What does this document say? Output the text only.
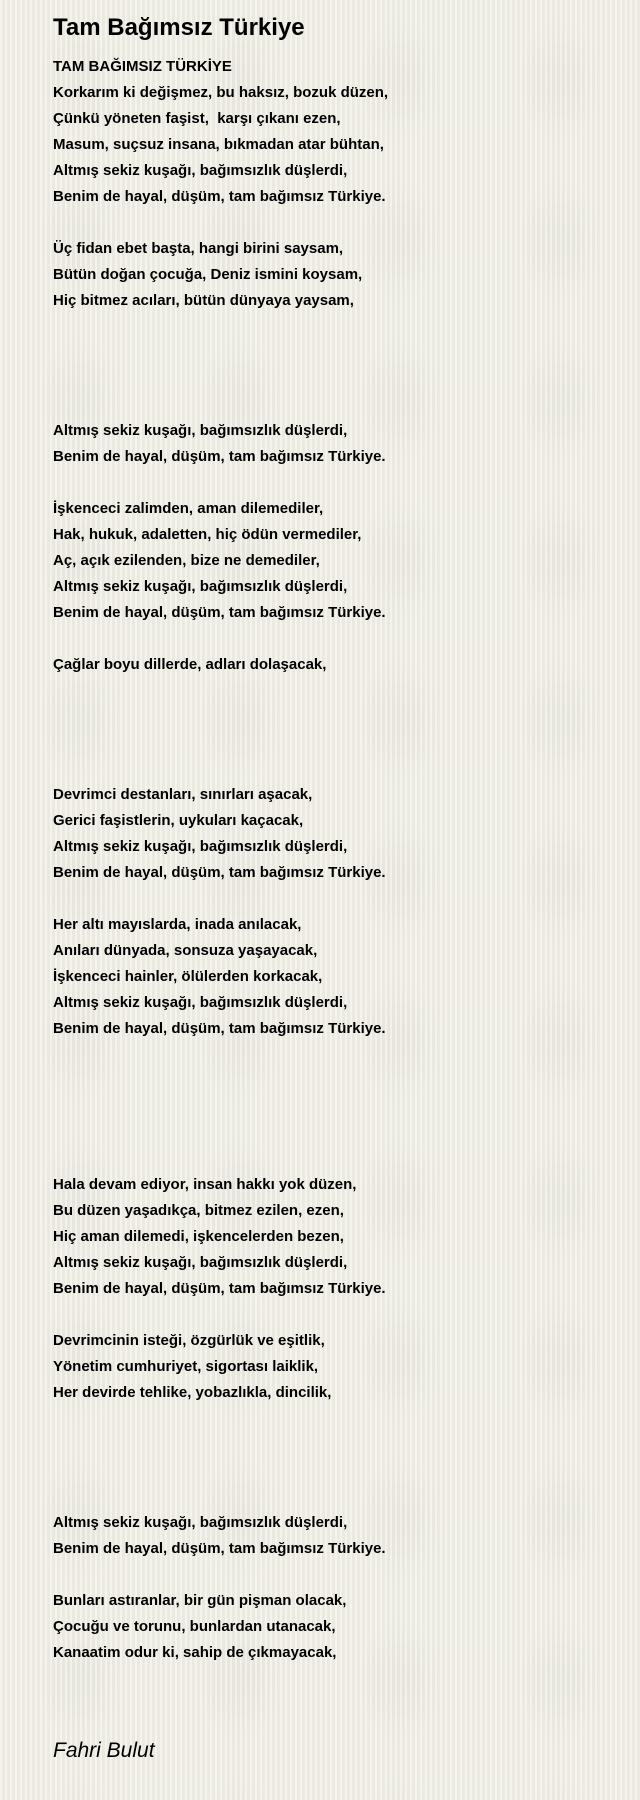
Tam Bağımsız Türkiye
TAM BAĞIMSIZ TÜRKİYE
Korkarım ki değişmez, bu haksız, bozuk düzen,
Çünkü yöneten faşist,  karşı çıkanı ezen,
Masum, suçsuz insana, bıkmadan atar bühtan,
Altmış sekiz kuşağı, bağımsızlık düşlerdi,
Benim de hayal, düşüm, tam bağımsız Türkiye.
Üç fidan ebet başta, hangi birini saysam,
Bütün doğan çocuğa, Deniz ismini koysam,
Hiç bitmez acıları, bütün dünyaya yaysam,
Altmış sekiz kuşağı, bağımsızlık düşlerdi,
Benim de hayal, düşüm, tam bağımsız Türkiye.
İşkenceci zalimden, aman dilemediler,
Hak, hukuk, adaletten, hiç ödün vermediler,
Aç, açık ezilenden, bize ne demediler,
Altmış sekiz kuşağı, bağımsızlık düşlerdi,
Benim de hayal, düşüm, tam bağımsız Türkiye.
Çağlar boyu dillerde, adları dolaşacak,
Devrimci destanları, sınırları aşacak,
Gerici faşistlerin, uykuları kaçacak,
Altmış sekiz kuşağı, bağımsızlık düşlerdi,
Benim de hayal, düşüm, tam bağımsız Türkiye.
Her altı mayıslarda, inada anılacak,
Anıları dünyada, sonsuza yaşayacak,
İşkenceci hainler, ölülerden korkacak,
Altmış sekiz kuşağı, bağımsızlık düşlerdi,
Benim de hayal, düşüm, tam bağımsız Türkiye.
Hala devam ediyor, insan hakkı yok düzen,
Bu düzen yaşadıkça, bitmez ezilen, ezen,
Hiç aman dilemedi, işkencelerden bezen,
Altmış sekiz kuşağı, bağımsızlık düşlerdi,
Benim de hayal, düşüm, tam bağımsız Türkiye.
Devrimcinin isteği, özgürlük ve eşitlik,
Yönetim cumhuriyet, sigortası laiklik,
Her devirde tehlike, yobazlıkla, dincilik,
Altmış sekiz kuşağı, bağımsızlık düşlerdi,
Benim de hayal, düşüm, tam bağımsız Türkiye.
Bunları astıranlar, bir gün pişman olacak,
Çocuğu ve torunu, bunlardan utanacak,
Kanaatim odur ki, sahip de çıkmayacak,
Fahri Bulut
